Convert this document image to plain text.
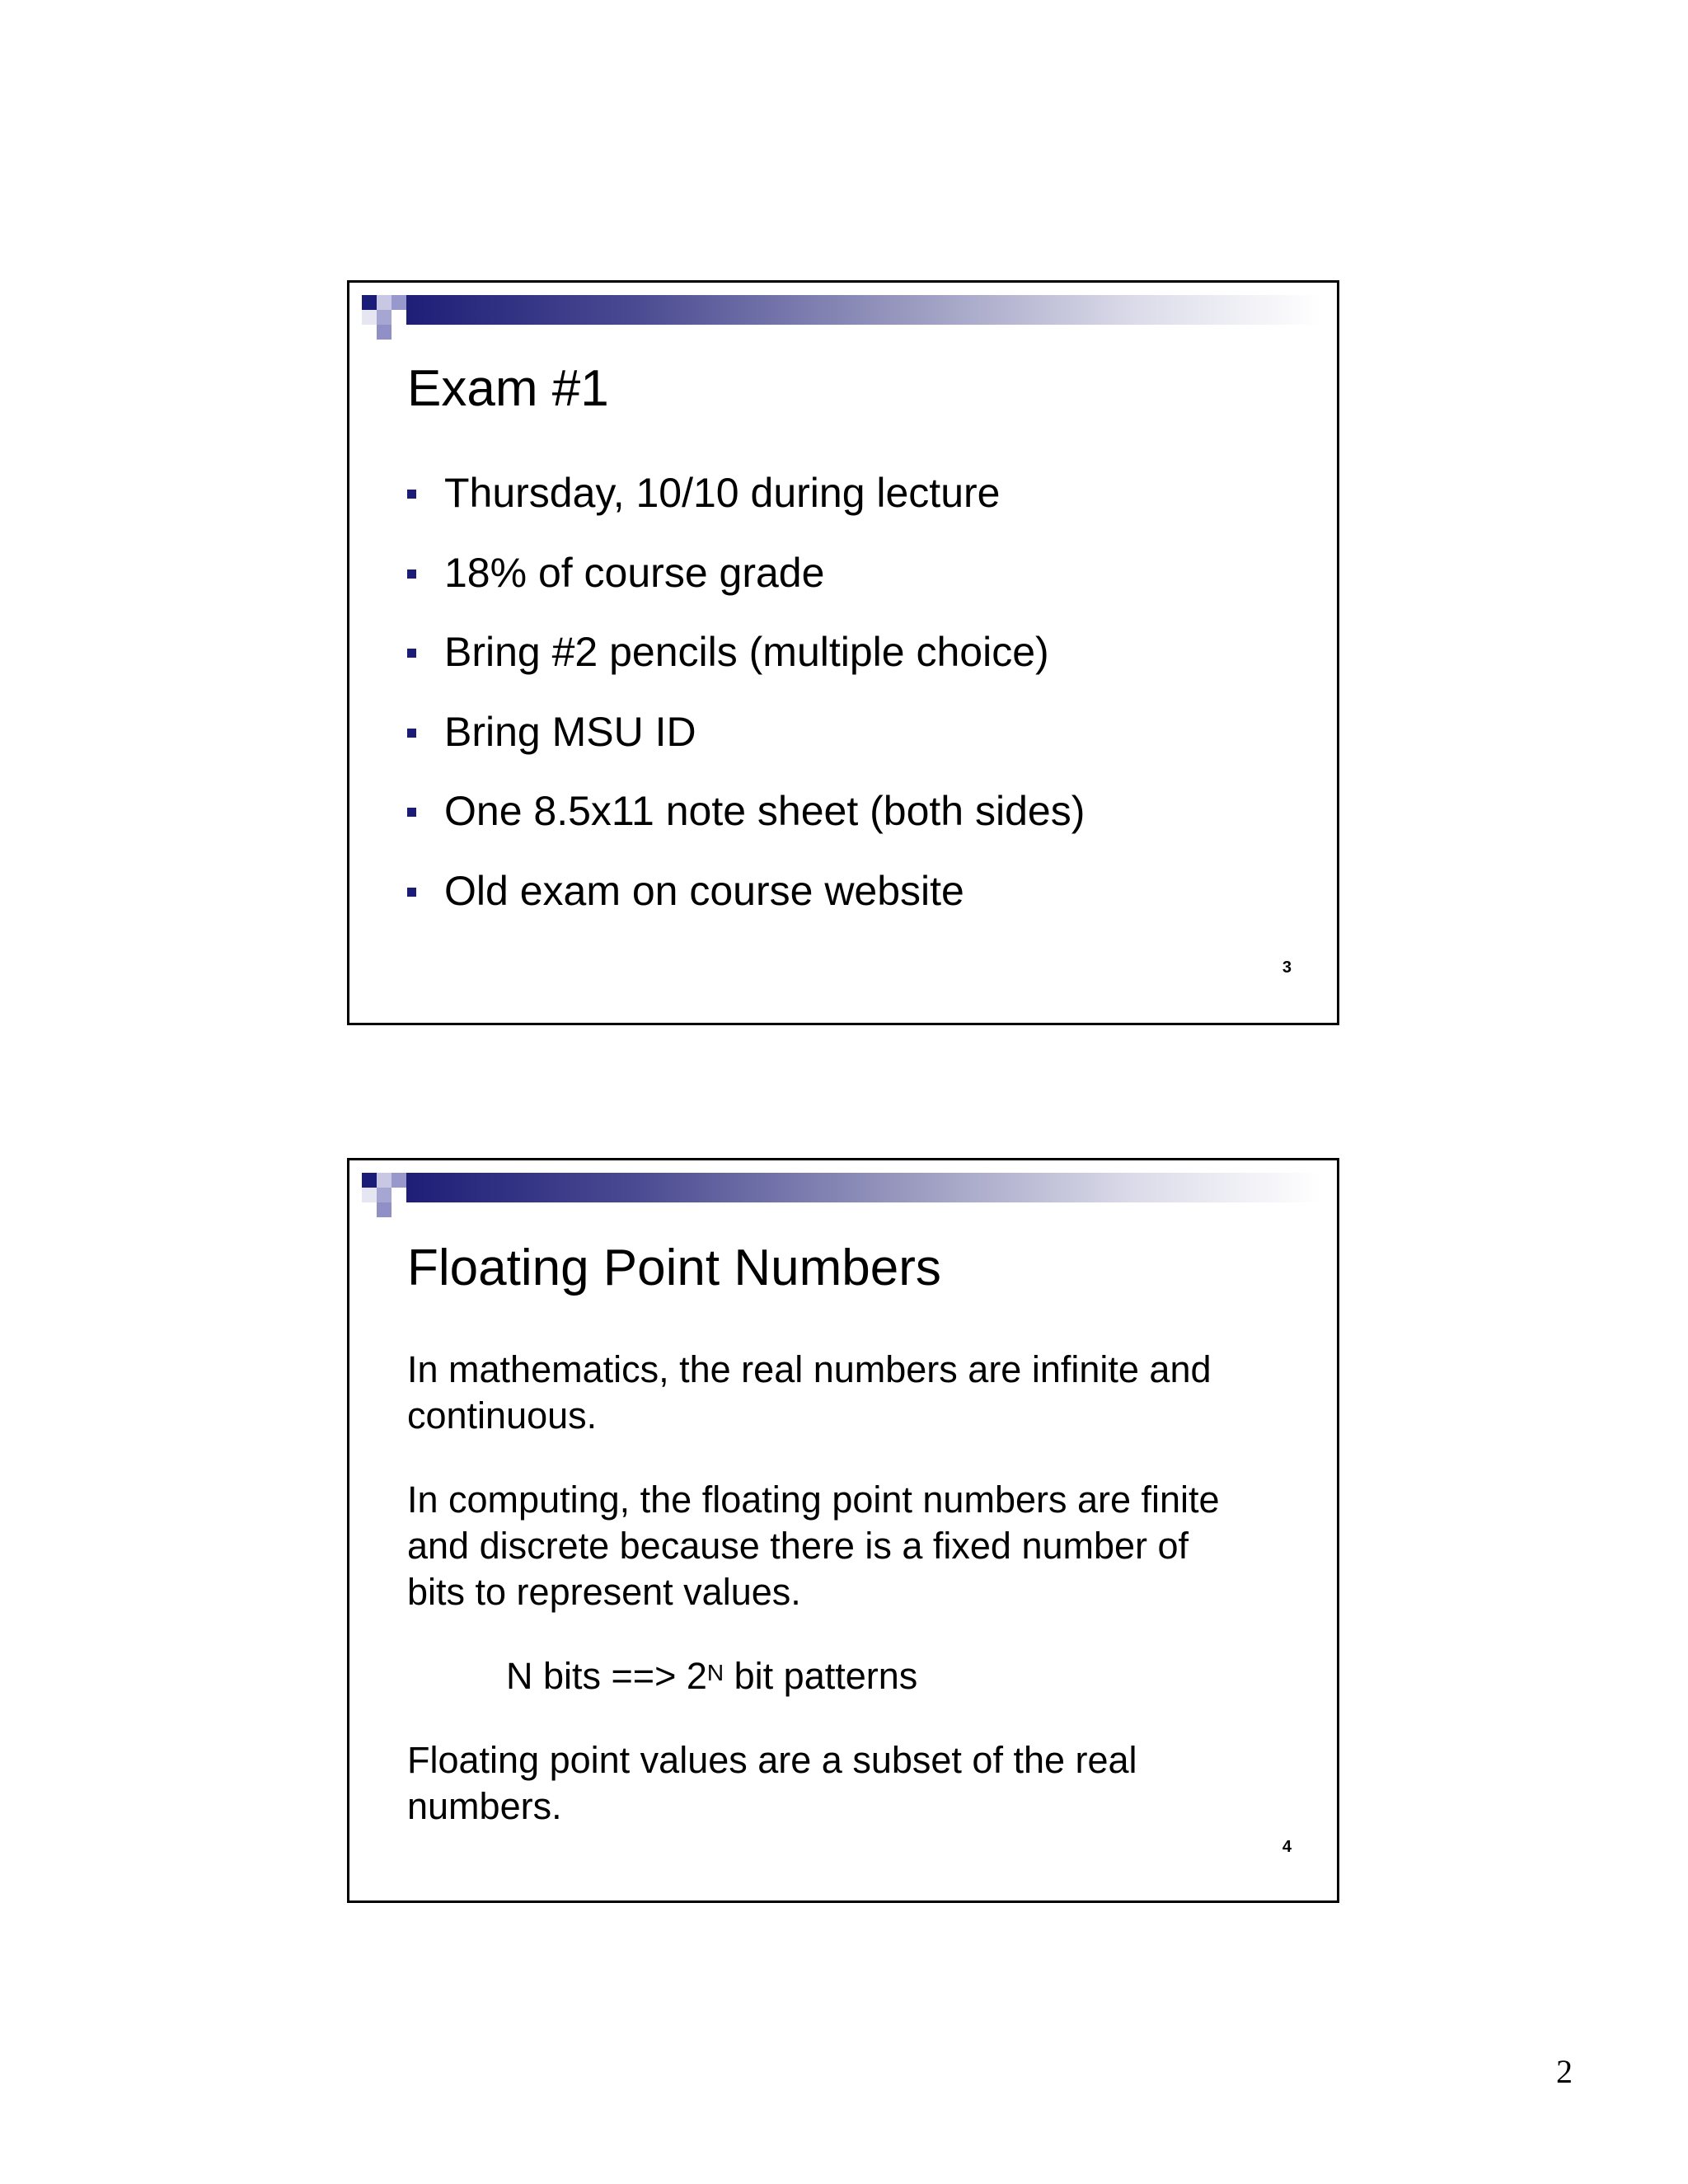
Exam #1
Thursday, 10/10 during lecture
18% of course grade
Bring #2 pencils (multiple choice)
Bring MSU ID
One 8.5x11 note sheet (both sides)
Old exam on course website
3
Floating Point Numbers

In mathematics, the real numbers are infinite and
continuous.

In computing, the floating point numbers are finite
and discrete because there is a fixed number of
bits to represent values.

N bits ==> $2^N$ bit patterns

Floating point values are a subset of the real
numbers.

4
2
